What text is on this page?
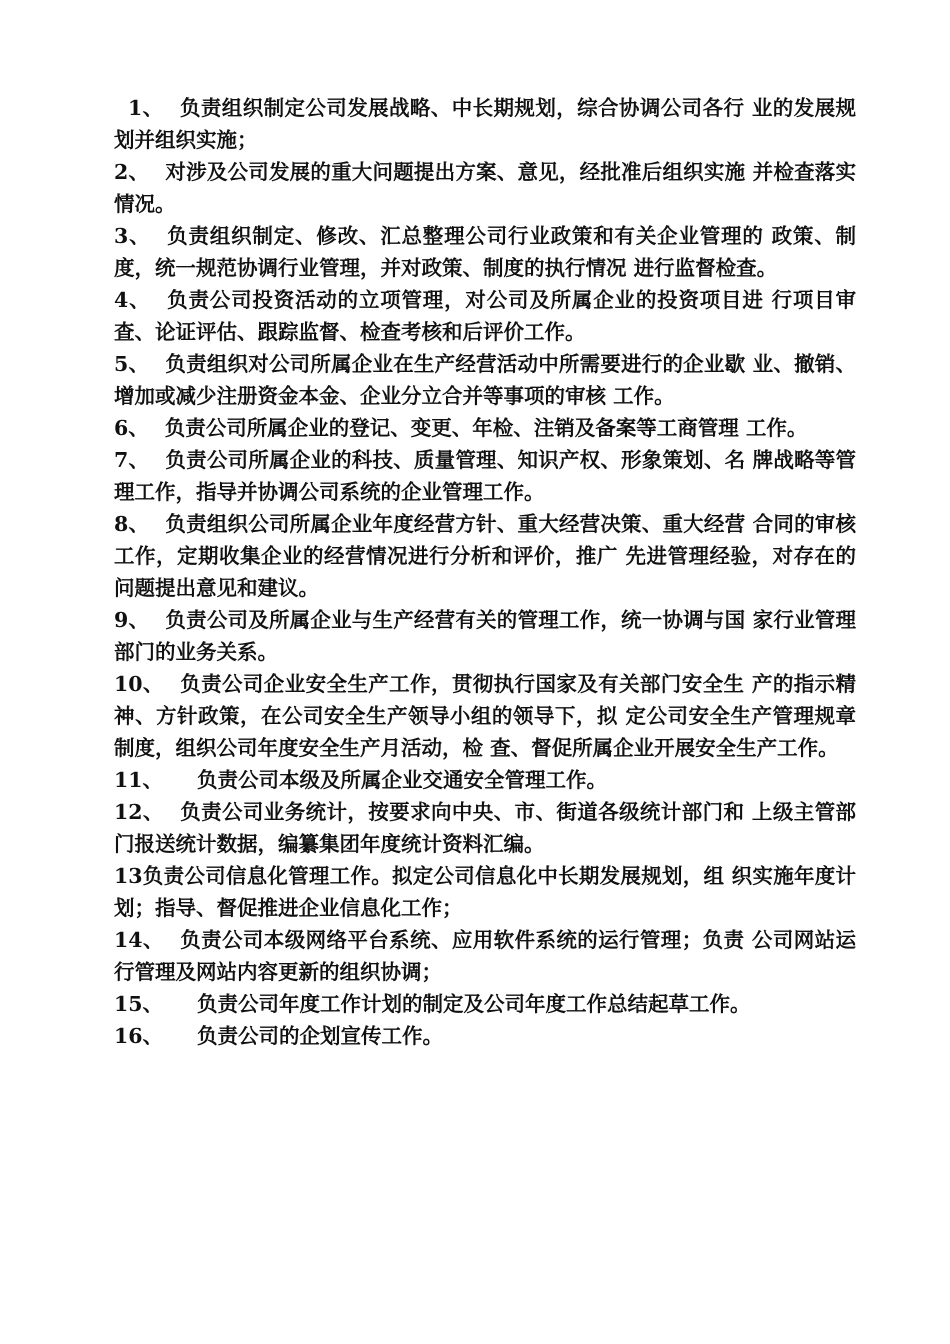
1、 负责组织制定公司发展战略、中长期规划，综合协调公司各行 业的发展规划并组织实施；

2、 对涉及公司发展的重大问题提出方案、意见，经批准后组织实施 并检查落实情况。

3、 负责组织制定、修改、汇总整理公司行业政策和有关企业管理的 政策、制度，统一规范协调行业管理，并对政策、制度的执行情况 进行监督检查。

4、 负责公司投资活动的立项管理，对公司及所属企业的投资项目进 行项目审查、论证评估、跟踪监督、检查考核和后评价工作。

5、 负责组织对公司所属企业在生产经营活动中所需要进行的企业歇 业、撤销、增加或减少注册资金本金、企业分立合并等事项的审核 工作。

6、 负责公司所属企业的登记、变更、年检、注销及备案等工商管理 工作。

7、 负责公司所属企业的科技、质量管理、知识产权、形象策划、名 牌战略等管理工作，指导并协调公司系统的企业管理工作。

8、 负责组织公司所属企业年度经营方针、重大经营决策、重大经营 合同的审核工作，定期收集企业的经营情况进行分析和评价，推广 先进管理经验，对存在的问题提出意见和建议。

9、 负责公司及所属企业与生产经营有关的管理工作，统一协调与国 家行业管理部门的业务关系。

10、 负责公司企业安全生产工作，贯彻执行国家及有关部门安全生 产的指示精神、方针政策，在公司安全生产领导小组的领导下，拟 定公司安全生产管理规章制度，组织公司年度安全生产月活动，检 查、督促所属企业开展安全生产工作。

11、 负责公司本级及所属企业交通安全管理工作。

12、 负责公司业务统计，按要求向中央、市、街道各级统计部门和 上级主管部门报送统计数据，编纂集团年度统计资料汇编。

13负责公司信息化管理工作。拟定公司信息化中长期发展规划，组 织实施年度计划；指导、督促推进企业信息化工作；

14、 负责公司本级网络平台系统、应用软件系统的运行管理；负责 公司网站运行管理及网站内容更新的组织协调；

15、 负责公司年度工作计划的制定及公司年度工作总结起草工作。

16、 负责公司的企划宣传工作。
